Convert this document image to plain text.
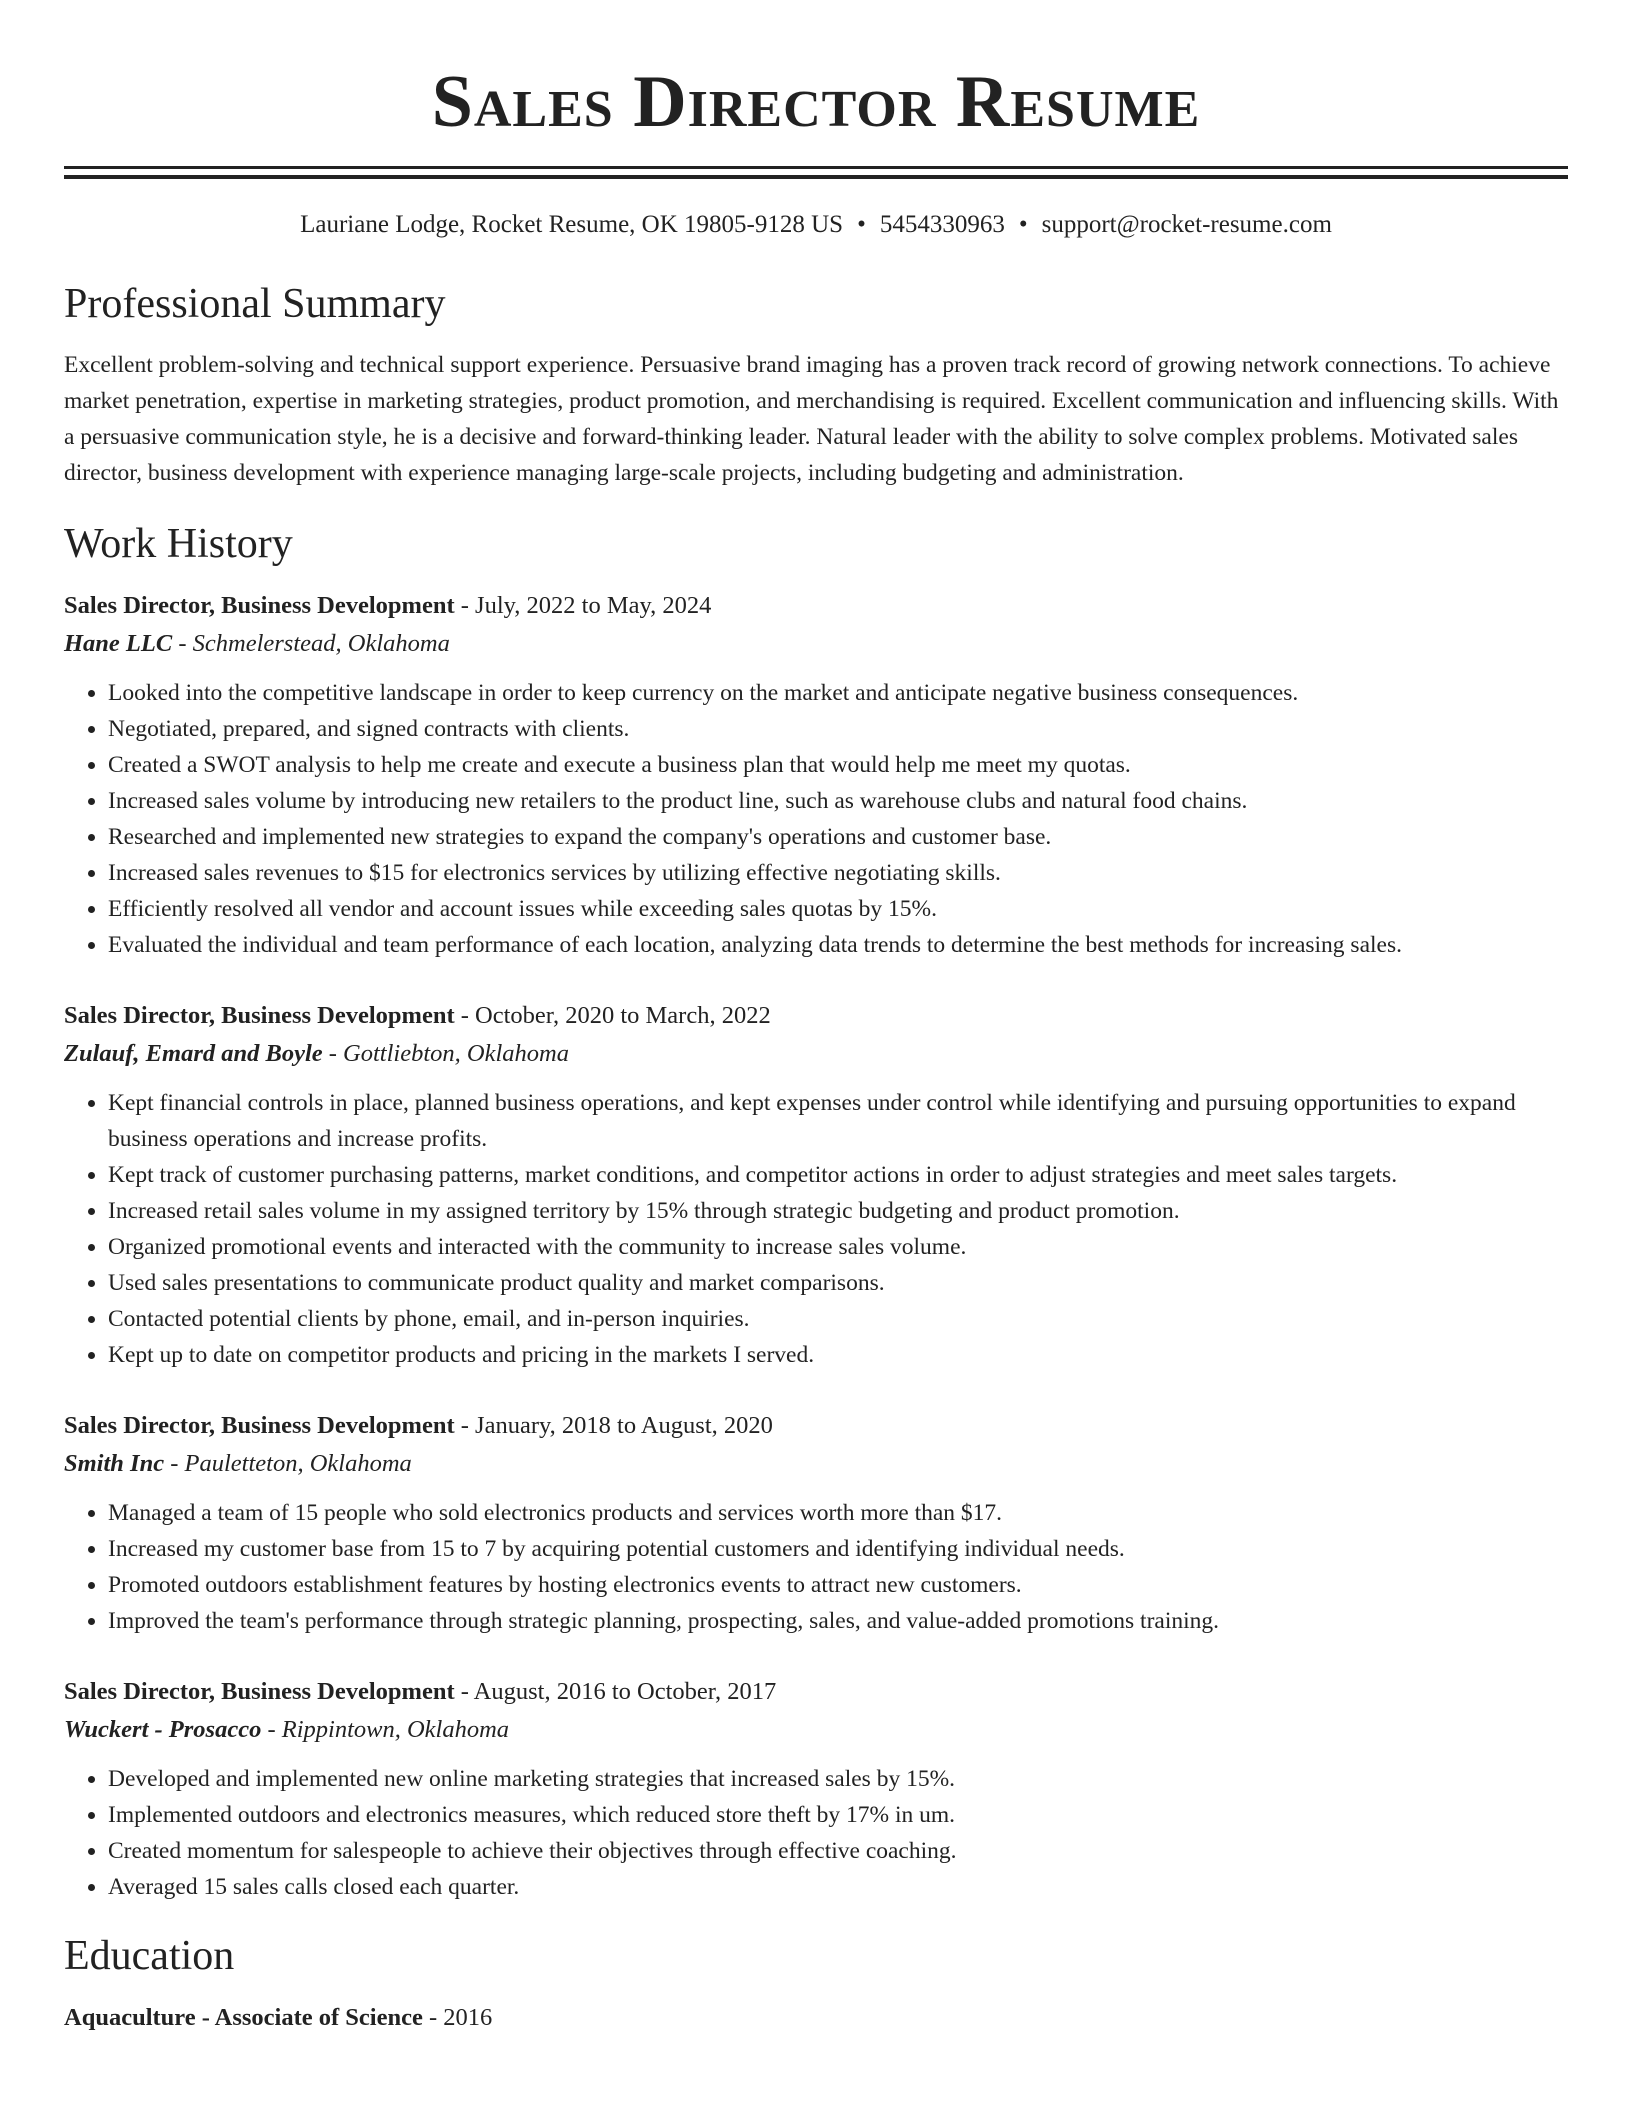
Sales Director Resume
Lauriane Lodge, Rocket Resume, OK 19805-9128 US • 5454330963 • support@rocket-resume.com
Professional Summary

Excellent problem-solving and technical support experience. Persuasive brand imaging has a proven track record of growing network connections. To achieve market penetration, expertise in marketing strategies, product promotion, and merchandising is required. Excellent communication and influencing skills. With a persuasive communication style, he is a decisive and forward-thinking leader. Natural leader with the ability to solve complex problems. Motivated sales director, business development with experience managing large-scale projects, including budgeting and administration.

Work History
Sales Director, Business Development - July, 2022 to May, 2024
Hane LLC - Schmelerstead, Oklahoma
• Looked into the competitive landscape in order to keep currency on the market and anticipate negative business consequences.
• Negotiated, prepared, and signed contracts with clients.
• Created a SWOT analysis to help me create and execute a business plan that would help me meet my quotas.
• Increased sales volume by introducing new retailers to the product line, such as warehouse clubs and natural food chains.
• Researched and implemented new strategies to expand the company's operations and customer base.
• Increased sales revenues to $15 for electronics services by utilizing effective negotiating skills.
• Efficiently resolved all vendor and account issues while exceeding sales quotas by 15%.
• Evaluated the individual and team performance of each location, analyzing data trends to determine the best methods for increasing sales.
Sales Director, Business Development - October, 2020 to March, 2022
Zulauf, Emard and Boyle - Gottliebton, Oklahoma
• Kept financial controls in place, planned business operations, and kept expenses under control while identifying and pursuing opportunities to expand business operations and increase profits.
• Kept track of customer purchasing patterns, market conditions, and competitor actions in order to adjust strategies and meet sales targets.
• Increased retail sales volume in my assigned territory by 15% through strategic budgeting and product promotion.
• Organized promotional events and interacted with the community to increase sales volume.
• Used sales presentations to communicate product quality and market comparisons.
• Contacted potential clients by phone, email, and in-person inquiries.
• Kept up to date on competitor products and pricing in the markets I served.
Sales Director, Business Development - January, 2018 to August, 2020
Smith Inc - Pauletteton, Oklahoma
• Managed a team of 15 people who sold electronics products and services worth more than $17.
• Increased my customer base from 15 to 7 by acquiring potential customers and identifying individual needs.
• Promoted outdoors establishment features by hosting electronics events to attract new customers.
• Improved the team's performance through strategic planning, prospecting, sales, and value-added promotions training.
Sales Director, Business Development - August, 2016 to October, 2017
Wuckert - Prosacco - Rippintown, Oklahoma
• Developed and implemented new online marketing strategies that increased sales by 15%.
• Implemented outdoors and electronics measures, which reduced store theft by 17% in um.
• Created momentum for salespeople to achieve their objectives through effective coaching.
• Averaged 15 sales calls closed each quarter.
Education
Aquaculture - Associate of Science - 2016
